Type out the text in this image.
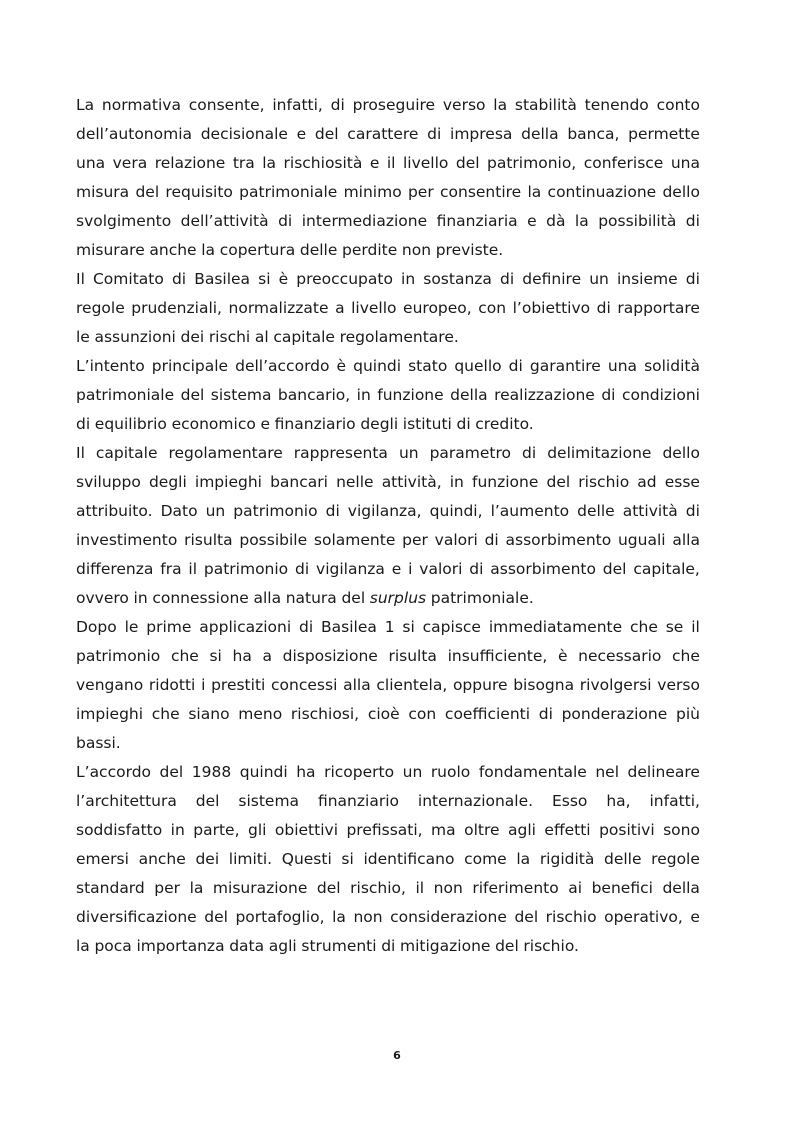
La normativa consente, infatti, di proseguire verso la stabilità tenendo conto
dell’autonomia decisionale e del carattere di impresa della banca, permette
una vera relazione tra la rischiosità e il livello del patrimonio, conferisce una
misura del requisito patrimoniale minimo per consentire la continuazione dello
svolgimento dell’attività di intermediazione finanziaria e dà la possibilità di
misurare anche la copertura delle perdite non previste.
Il Comitato di Basilea si è preoccupato in sostanza di definire un insieme di
regole prudenziali, normalizzate a livello europeo, con l’obiettivo di rapportare
le assunzioni dei rischi al capitale regolamentare.
L’intento principale dell’accordo è quindi stato quello di garantire una solidità
patrimoniale del sistema bancario, in funzione della realizzazione di condizioni
di equilibrio economico e finanziario degli istituti di credito.
Il capitale regolamentare rappresenta un parametro di delimitazione dello
sviluppo degli impieghi bancari nelle attività, in funzione del rischio ad esse
attribuito. Dato un patrimonio di vigilanza, quindi, l’aumento delle attività di
investimento risulta possibile solamente per valori di assorbimento uguali alla
differenza fra il patrimonio di vigilanza e i valori di assorbimento del capitale,
ovvero in connessione alla natura del surplus patrimoniale.
Dopo le prime applicazioni di Basilea 1 si capisce immediatamente che se il
patrimonio che si ha a disposizione risulta insufficiente, è necessario che
vengano ridotti i prestiti concessi alla clientela, oppure bisogna rivolgersi verso
impieghi che siano meno rischiosi, cioè con coefficienti di ponderazione più
bassi.
L’accordo del 1988 quindi ha ricoperto un ruolo fondamentale nel delineare
l’architettura del sistema finanziario internazionale. Esso ha, infatti,
soddisfatto in parte, gli obiettivi prefissati, ma oltre agli effetti positivi sono
emersi anche dei limiti. Questi si identificano come la rigidità delle regole
standard per la misurazione del rischio, il non riferimento ai benefici della
diversificazione del portafoglio, la non considerazione del rischio operativo, e
la poca importanza data agli strumenti di mitigazione del rischio.
6
